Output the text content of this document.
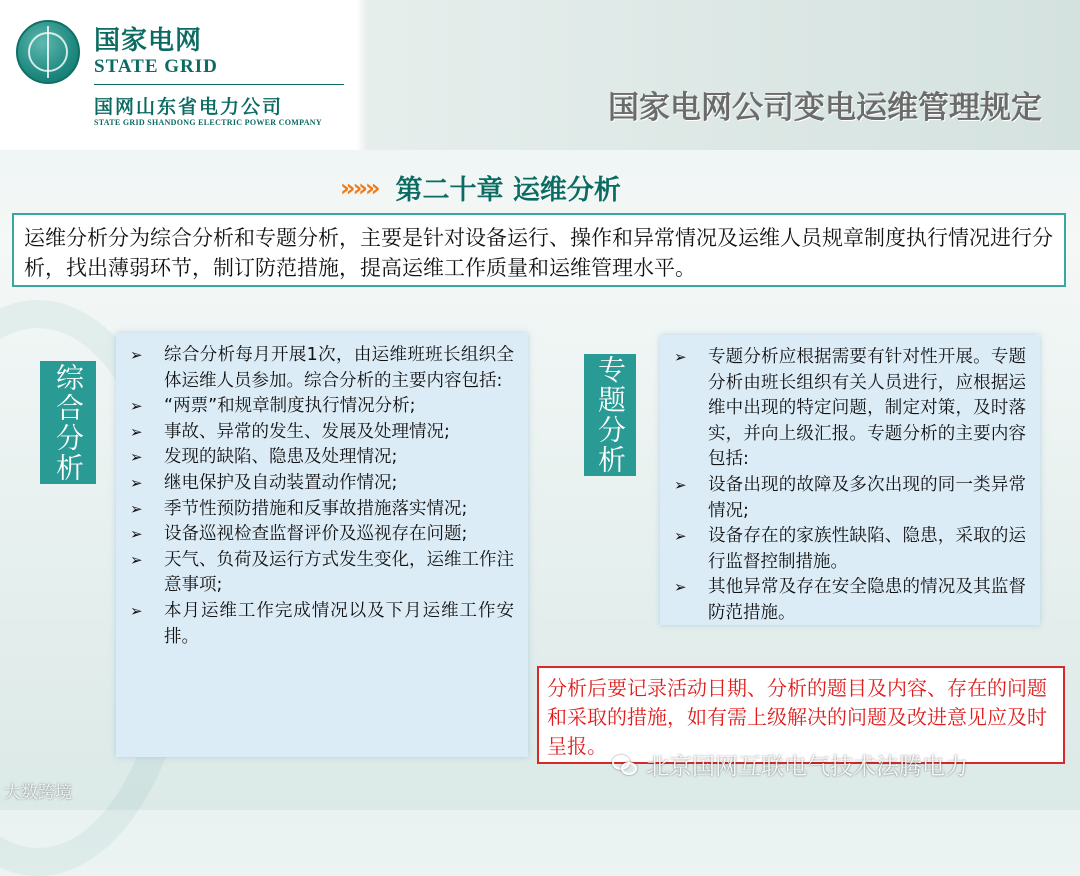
国家电网
STATE GRID
国网山东省电力公司
STATE GRID SHANDONG ELECTRIC POWER COMPANY	国家电网公司变电运维管理规定
»»» 第二十章 运维分析
运维分析分为综合分析和专题分析，主要是针对设备运行、操作和异常情况及运维人员规章制度执行情况进行分析，找出薄弱环节，制订防范措施，提高运维工作质量和运维管理水平。
综合分析
➢ 综合分析每月开展1次，由运维班班长组织全体运维人员参加。综合分析的主要内容包括:
➢ “两票”和规章制度执行情况分析;
➢ 事故、异常的发生、发展及处理情况;
➢ 发现的缺陷、隐患及处理情况;
➢ 继电保护及自动装置动作情况;
➢ 季节性预防措施和反事故措施落实情况;
➢ 设备巡视检查监督评价及巡视存在问题;
➢ 天气、负荷及运行方式发生变化，运维工作注意事项;
➢ 本月运维工作完成情况以及下月运维工作安排。
专题分析	➢ 专题分析应根据需要有针对性开展。专题分析由班长组织有关人员进行，应根据运维中出现的特定问题，制定对策，及时落实，并向上级汇报。专题分析的主要内容包括:
➢ 设备出现的故障及多次出现的同一类异常情况;
➢ 设备存在的家族性缺陷、隐患，采取的运行监督控制措施。
➢ 其他异常及存在安全隐患的情况及其监督防范措施。
分析后要记录活动日期、分析的题目及内容、存在的问题和采取的措施，如有需上级解决的问题及改进意见应及时呈报。
大数跨境
北京国网互联电气技术法腾电力
